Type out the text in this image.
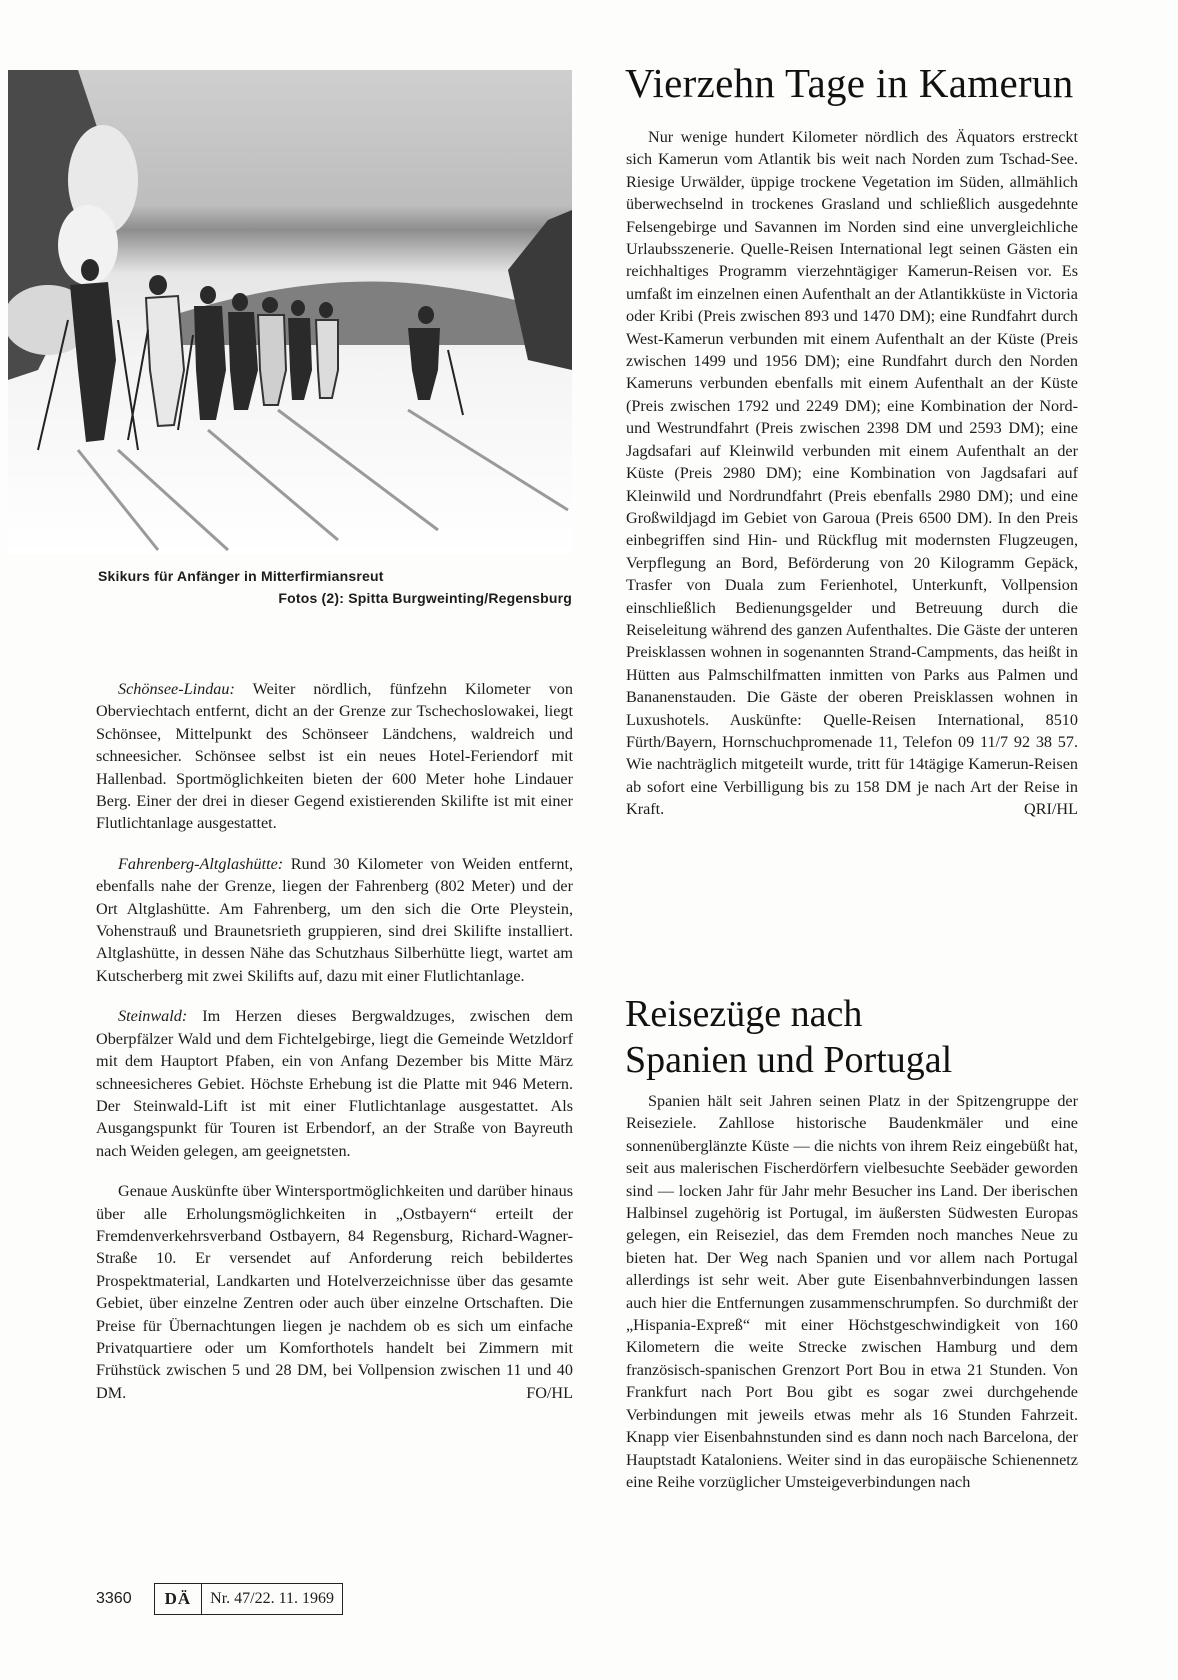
Skikurs für Anfänger in Mitterfirmiansreut
Fotos (2): Spitta Burgweinting/Regensburg

Schönsee-Lindau: Weiter nördlich, fünfzehn Kilometer von Oberviechtach entfernt, dicht an der Grenze zur Tschechoslowakei, liegt Schönsee, Mittelpunkt des Schönseer Ländchens, waldreich und schneesicher. Schönsee selbst ist ein neues Hotel-Feriendorf mit Hallenbad. Sportmöglichkeiten bieten der 600 Meter hohe Lindauer Berg. Einer der drei in dieser Gegend existierenden Skilifte ist mit einer Flutlichtanlage ausgestattet.

Fahrenberg-Altglashütte: Rund 30 Kilometer von Weiden entfernt, ebenfalls nahe der Grenze, liegen der Fahrenberg (802 Meter) und der Ort Altglashütte. Am Fahrenberg, um den sich die Orte Pleystein, Vohenstrauß und Braunetsrieth gruppieren, sind drei Skilifte installiert. Altglashütte, in dessen Nähe das Schutzhaus Silberhütte liegt, wartet am Kutscherberg mit zwei Skilifts auf, dazu mit einer Flutlichtanlage.

Steinwald: Im Herzen dieses Bergwaldzuges, zwischen dem Oberpfälzer Wald und dem Fichtelgebirge, liegt die Gemeinde Wetzldorf mit dem Hauptort Pfaben, ein von Anfang Dezember bis Mitte März schneesicheres Gebiet. Höchste Erhebung ist die Platte mit 946 Metern. Der Steinwald-Lift ist mit einer Flutlichtanlage ausgestattet. Als Ausgangspunkt für Touren ist Erbendorf, an der Straße von Bayreuth nach Weiden gelegen, am geeignetsten.

Genaue Auskünfte über Wintersportmöglichkeiten und darüber hinaus über alle Erholungsmöglichkeiten in „Ostbayern“ erteilt der Fremdenverkehrsverband Ostbayern, 84 Regensburg, Richard-Wagner-Straße 10. Er versendet auf Anforderung reich bebildertes Prospektmaterial, Landkarten und Hotelverzeichnisse über das gesamte Gebiet, über einzelne Zentren oder auch über einzelne Ortschaften. Die Preise für Übernachtungen liegen je nachdem ob es sich um einfache Privatquartiere oder um Komforthotels handelt bei Zimmern mit Frühstück zwischen 5 und 28 DM, bei Vollpension zwischen 11 und 40 DM.	FO/HL

Vierzehn Tage in Kamerun

Nur wenige hundert Kilometer nördlich des Äquators erstreckt sich Kamerun vom Atlantik bis weit nach Norden zum Tschad-See. Riesige Urwälder, üppige trockene Vegetation im Süden, allmählich überwechselnd in trockenes Grasland und schließlich ausgedehnte Felsengebirge und Savannen im Norden sind eine unvergleichliche Urlaubsszenerie. Quelle-Reisen International legt seinen Gästen ein reichhaltiges Programm vierzehntägiger Kamerun-Reisen vor. Es umfaßt im einzelnen einen Aufenthalt an der Atlantikküste in Victoria oder Kribi (Preis zwischen 893 und 1470 DM); eine Rundfahrt durch West-Kamerun verbunden mit einem Aufenthalt an der Küste (Preis zwischen 1499 und 1956 DM); eine Rundfahrt durch den Norden Kameruns verbunden ebenfalls mit einem Aufenthalt an der Küste (Preis zwischen 1792 und 2249 DM); eine Kombination der Nord- und Westrundfahrt (Preis zwischen 2398 DM und 2593 DM); eine Jagdsafari auf Kleinwild verbunden mit einem Aufenthalt an der Küste (Preis 2980 DM); eine Kombination von Jagdsafari auf Kleinwild und Nordrundfahrt (Preis ebenfalls 2980 DM); und eine Großwildjagd im Gebiet von Garoua (Preis 6500 DM). In den Preis einbegriffen sind Hin- und Rückflug mit modernsten Flugzeugen, Verpflegung an Bord, Beförderung von 20 Kilogramm Gepäck, Trasfer von Duala zum Ferienhotel, Unterkunft, Vollpension einschließlich Bedienungsgelder und Betreuung durch die Reiseleitung während des ganzen Aufenthaltes. Die Gäste der unteren Preisklassen wohnen in sogenannten Strand-Campments, das heißt in Hütten aus Palmschilfmatten inmitten von Parks aus Palmen und Bananenstauden. Die Gäste der oberen Preisklassen wohnen in Luxushotels. Auskünfte: Quelle-Reisen International, 8510 Fürth/Bayern, Hornschuchpromenade 11, Telefon 09 11/7 92 38 57. Wie nachträglich mitgeteilt wurde, tritt für 14tägige Kamerun-Reisen ab sofort eine Verbilligung bis zu 158 DM je nach Art der Reise in Kraft.	QRI/HL

Reisezüge nach
Spanien und Portugal

Spanien hält seit Jahren seinen Platz in der Spitzengruppe der Reiseziele. Zahllose historische Baudenkmäler und eine sonnenüberglänzte Küste — die nichts von ihrem Reiz eingebüßt hat, seit aus malerischen Fischerdörfern vielbesuchte Seebäder geworden sind — locken Jahr für Jahr mehr Besucher ins Land. Der iberischen Halbinsel zugehörig ist Portugal, im äußersten Südwesten Europas gelegen, ein Reiseziel, das dem Fremden noch manches Neue zu bieten hat. Der Weg nach Spanien und vor allem nach Portugal allerdings ist sehr weit. Aber gute Eisenbahnverbindungen lassen auch hier die Entfernungen zusammenschrumpfen. So durchmißt der „Hispania-Expreß“ mit einer Höchstgeschwindigkeit von 160 Kilometern die weite Strecke zwischen Hamburg und dem französisch-spanischen Grenzort Port Bou in etwa 21 Stunden. Von Frankfurt nach Port Bou gibt es sogar zwei durchgehende Verbindungen mit jeweils etwas mehr als 16 Stunden Fahrzeit. Knapp vier Eisenbahnstunden sind es dann noch nach Barcelona, der Hauptstadt Kataloniens. Weiter sind in das europäische Schienennetz eine Reihe vorzüglicher Umsteigeverbindungen nach

3360	DÄ	Nr. 47/22. 11. 1969
